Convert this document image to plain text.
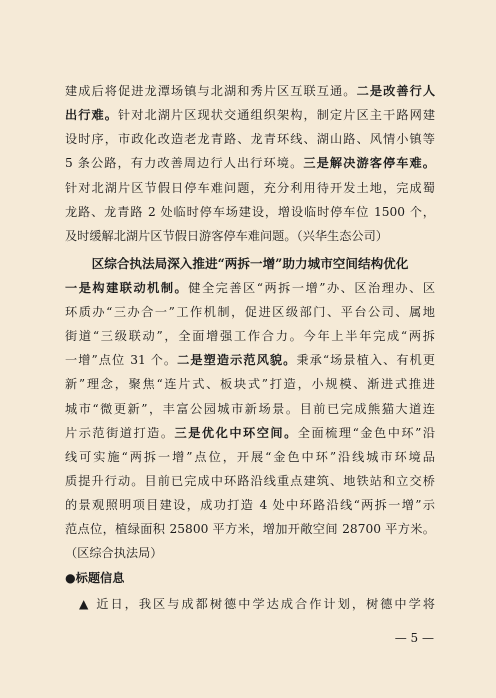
建成后将促进龙潭场镇与北湖和秀片区互联互通。二是改善行人
出行难。针对北湖片区现状交通组织架构，制定片区主干路网建
设时序，市政化改造老龙青路、龙青环线、湖山路、风情小镇等
5 条公路，有力改善周边行人出行环境。三是解决游客停车难。
针对北湖片区节假日停车难问题，充分利用待开发土地，完成蜀
龙路、龙青路 2 处临时停车场建设，增设临时停车位 1500 个，
及时缓解北湖片区节假日游客停车难问题。（兴华生态公司）
区综合执法局深入推进“两拆一增”助力城市空间结构优化
一是构建联动机制。健全完善区“两拆一增”办、区治理办、区
环质办“三办合一”工作机制，促进区级部门、平台公司、属地
街道“三级联动”，全面增强工作合力。今年上半年完成“两拆
一增”点位 31 个。二是塑造示范风貌。秉承“场景植入、有机更
新”理念，聚焦“连片式、板块式”打造，小规模、渐进式推进
城市“微更新”，丰富公园城市新场景。目前已完成熊猫大道连
片示范街道打造。三是优化中环空间。全面梳理“金色中环”沿
线可实施“两拆一增”点位，开展“金色中环”沿线城市环境品
质提升行动。目前已完成中环路沿线重点建筑、地铁站和立交桥
的景观照明项目建设，成功打造 4 处中环路沿线“两拆一增”示
范点位，植绿面积 25800 平方米，增加开敞空间 28700 平方米。
（区综合执法局）
●标题信息
▲ 近日，我区与成都树德中学达成合作计划，树德中学将
— 5 —
